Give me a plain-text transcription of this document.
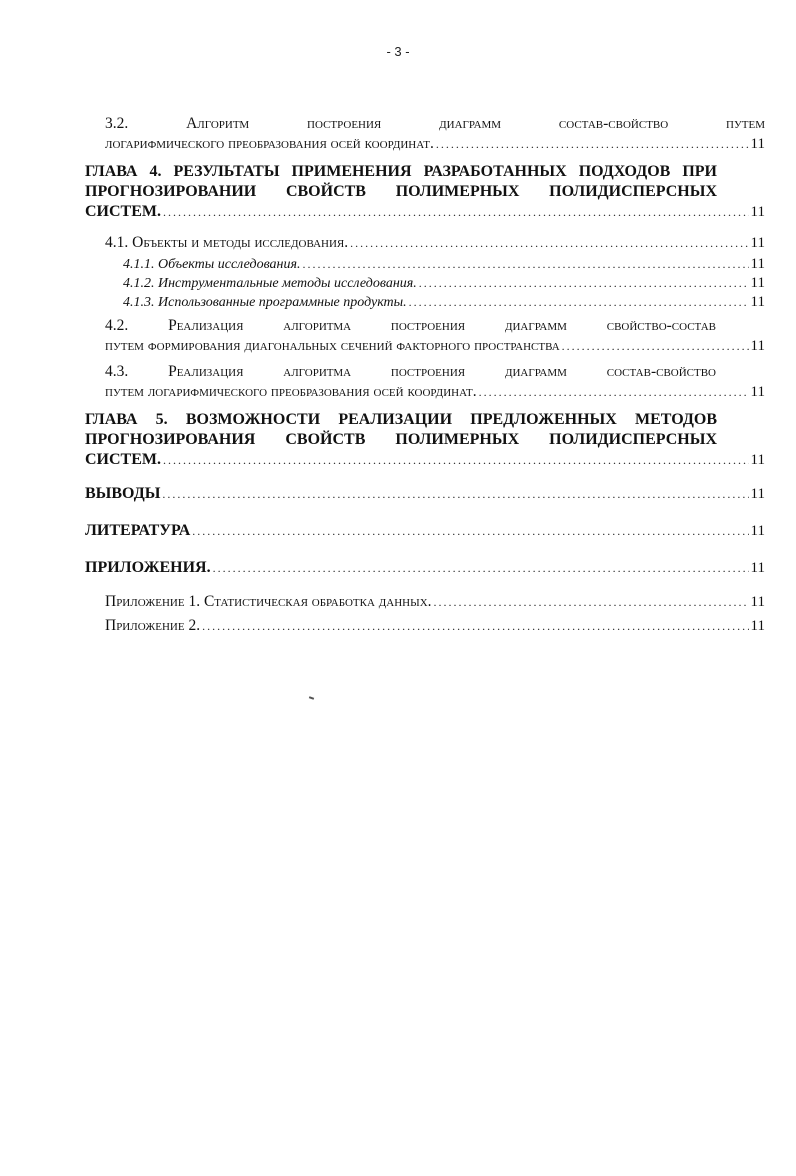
- 3 -
3.2. Алгоритм построения диаграмм состав-свойство путем
логарифмического преобразования осей координат. .....	11
ГЛАВА 4. РЕЗУЛЬТАТЫ ПРИМЕНЕНИЯ РАЗРАБОТАННЫХ ПОДХОДОВ ПРИ
ПРОГНОЗИРОВАНИИ СВОЙСТВ ПОЛИМЕРНЫХ ПОЛИДИСПЕРСНЫХ
СИСТЕМ. .....	11
4.1. Объекты и методы исследования. .....	11
4.1.1. Объекты исследования. .....	11
4.1.2. Инструментальные методы исследования. .....	11
4.1.3. Использованные программные продукты. .....	11
4.2. Реализация алгоритма построения диаграмм свойство-состав
путем формирования диагональных сечений факторного пространства .....	11
4.3. Реализация алгоритма построения диаграмм состав-свойство
путем логарифмического преобразования осей координат. .....	11
ГЛАВА 5. ВОЗМОЖНОСТИ РЕАЛИЗАЦИИ ПРЕДЛОЖЕННЫХ МЕТОДОВ
ПРОГНОЗИРОВАНИЯ СВОЙСТВ ПОЛИМЕРНЫХ ПОЛИДИСПЕРСНЫХ
СИСТЕМ. .....	11
ВЫВОДЫ .....	11
ЛИТЕРАТУРА .....	11
ПРИЛОЖЕНИЯ. .....	11
Приложение 1. Статистическая обработка данных. .....	11
Приложение 2. .....	11
